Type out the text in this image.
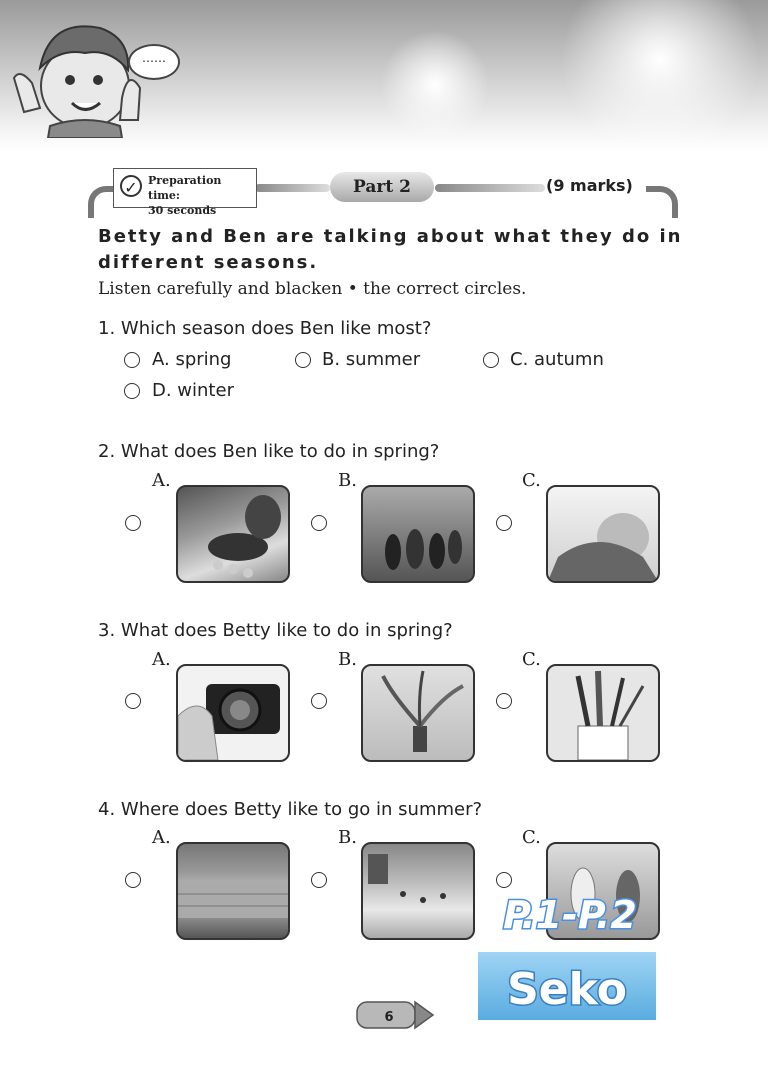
……
✓ Preparation time:
30 seconds
Part 2	(9 marks)
Betty and Ben are talking about what they do in different seasons.
Listen carefully and blacken • the correct circles.
1. Which season does Ben like most?
A. spring	B. summer	C. autumn
D. winter
2. What does Ben like to do in spring?
A.	B.	C.
3. What does Betty like to do in spring?
A.	B.	C.
4. Where does Betty like to go in summer?
A.	B.	C.
P.1-P.2
Seko
6
